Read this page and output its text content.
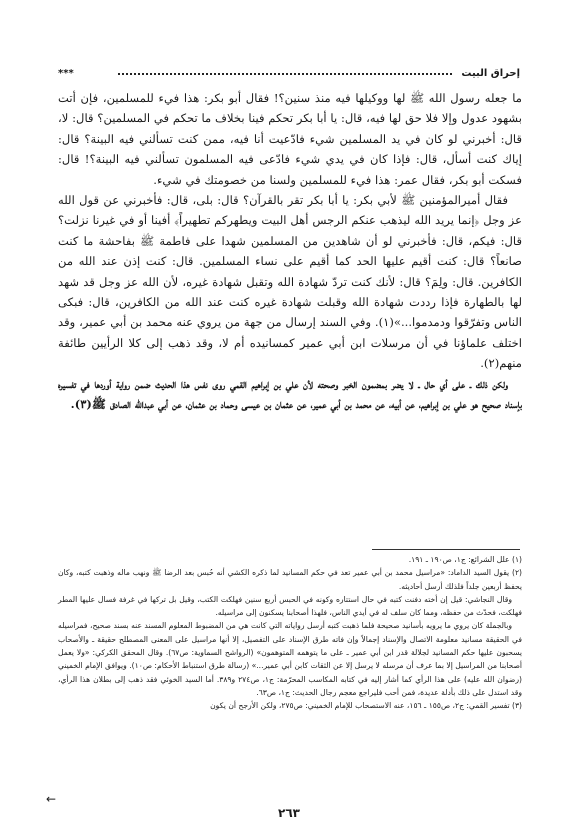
إحراق البيت
***

ما جعله رسول الله ﷺ لها ووكيلها فيه منذ سنين؟! فقال أبو بكر: هذا فيء للمسلمين، فإن أتت بشهود عدول وإلا فلا حق لها فيه، قال: يا أبا بكر تحكم فينا بخلاف ما تحكم في المسلمين؟ قال: لا، قال: أخبرني لو كان في يد المسلمين شيء فادّعيت أنا فيه، ممن كنت تسألني فيه البينة؟ قال: إياك كنت أسأل، قال: فإذا كان في يدي شيء فادّعى فيه المسلمون تسألني فيه البينة؟! قال: فسكت أبو بكر، فقال عمر: هذا فيء للمسلمين ولسنا من خصومتك في شيء.

فقال أميرالمؤمنين ﷺ لأبي بكر: يا أبا بكر تقر بالقرآن؟ قال: بلى، قال: فأخبرني عن قول الله عز وجل ﴿إنما يريد الله ليذهب عنكم الرجس أهل البيت ويطهركم تطهيراً﴾ أفينا أو في غيرنا نزلت؟ قال: فيكم، قال: فأخبرني لو أن شاهدين من المسلمين شهدا على فاطمة ﷺ بفاحشة ما كنت صانعاً؟ قال: كنت أقيم عليها الحد كما أقيم على نساء المسلمين. قال: كنت إذن عند الله من الكافرين. قال: ولِمَ؟ قال: لأنك كنت تردّ شهادة الله وتقبل شهادة غيره، لأن الله عز وجل قد شهد لها بالطهارة فإذا رددت شهادة الله وقبلت شهادة غيره كنت عند الله من الكافرين، قال: فبكى الناس وتفرّقوا ودمدموا...»(١). وفي السند إرسال من جهة من يروي عنه محمد بن أبي عمير، وقد اختلف علماؤنا في أن مرسلات ابن أبي عمير كمسانيده أم لا، وقد ذهب إلى كلا الرأيين طائفة منهم(٢).

ولكن ذلك ـ على أي حال ـ لا يضر بمضمون الخبر وصحته لأن علي بن إبراهيم القمي روى نفس هذا الحديث ضمن رواية أوردها في تفسيره بإسناد صحيح هو علي بن إبراهيم، عن أبيه، عن محمد بن أبي عمير، عن عثمان بن عيسى وحماد بن عثمان، عن أبي عبدالله الصادق ﷺ(٣).

(١) علل الشرائع: ج١، ص١٩٠ ـ ١٩١.

(٢) يقول السيد الداماد: «مراسيل محمد بن أبي عمير تعد في حكم المسانيد لما ذكره الكشي أنه حُبس بعد الرضا ﷺ ونهب ماله وذهبت كتبه، وكان يحفظ أربعين جلداً فلذلك أرسل أحاديثه.

وقال النجاشي: قيل إن أخته دفنت كتبه في حال استتاره وكونه في الحبس أربع سنين فهلكت الكتب، وقيل بل تركها في غرفة فسال عليها المطر فهلكت، فحدّث من حفظه، ومما كان سلف له في أيدي الناس، فلهذا أصحابنا يسكنون إلى مراسيله.

وبالجملة كان يروي ما يرويه بأسانيد صحيحة فلما ذهبت كتبه أرسل رواياته التي كانت هي من المضبوط المعلوم المسند عنه بسند صحيح، فمراسيله في الحقيقة مسانيد معلومة الاتصال والإسناد إجمالاً وإن فاته طرق الإسناد على التفصيل، إلا أنها مراسيل على المعنى المصطلح حقيقة ـ والأصحاب يسحبون عليها حكم المسانيد لجلالة قدر ابن أبي عمير ـ على ما يتوهمه المتوهمون» (الرواشح السماوية: ص٦٧). وقال المحقق الكركي: «ولا يعمل أصحابنا من المراسيل إلا بما عرف أن مرسله لا يرسل إلا عن الثقات كابن أبي عمير...» (رسالة طرق استنباط الأحكام: ص١٠). ويوافق الإمام الخميني (رضوان الله عليه) على هذا الرأي كما أشار إليه في كتابه المكاسب المحرّمة: ج١، ص٢٧٤ و٣٨٩. أما السيد الخوئي فقد ذهب إلى بطلان هذا الرأي، وقد استدل على ذلك بأدلة عديدة، فمن أحب فليراجع معجم رجال الحديث: ج١، ص٦٣.

(٣) تفسير القمي: ج٢، ص١٥٥ ـ ١٥٦، عنه الاستصحاب للإمام الخميني: ص٢٧٥، ولكن الأرجح أن يكون

←
٢٦٣
